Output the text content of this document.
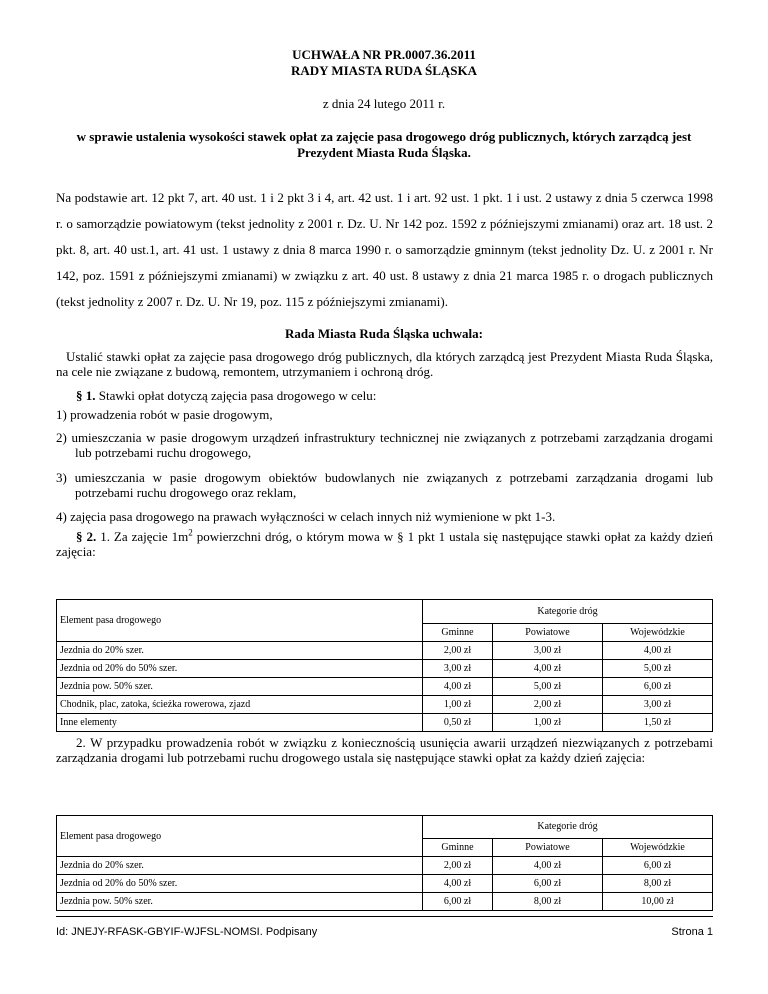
UCHWAŁA NR PR.0007.36.2011
RADY MIASTA RUDA ŚLĄSKA
z dnia 24 lutego 2011 r.
w sprawie ustalenia wysokości stawek opłat za zajęcie pasa drogowego dróg publicznych, których zarządcą jest Prezydent Miasta Ruda Śląska.
Na podstawie art. 12 pkt 7, art. 40 ust. 1 i 2 pkt 3 i 4, art. 42 ust. 1 i art. 92 ust. 1 pkt. 1 i ust. 2 ustawy z dnia 5 czerwca 1998 r. o samorządzie powiatowym (tekst jednolity z 2001 r. Dz. U. Nr 142 poz. 1592 z późniejszymi zmianami) oraz art. 18 ust. 2 pkt. 8, art. 40 ust.1, art. 41 ust. 1 ustawy z dnia 8 marca 1990 r. o samorządzie gminnym (tekst jednolity Dz. U. z 2001 r. Nr 142, poz. 1591 z późniejszymi zmianami) w związku z art. 40 ust. 8 ustawy z dnia 21 marca 1985 r. o drogach publicznych (tekst jednolity z 2007 r. Dz. U. Nr 19, poz. 115 z późniejszymi zmianami).
Rada Miasta Ruda Śląska uchwala:
Ustalić stawki opłat za zajęcie pasa drogowego dróg publicznych, dla których zarządcą jest Prezydent Miasta Ruda Śląska, na cele nie związane z budową, remontem, utrzymaniem i ochroną dróg.
§ 1. Stawki opłat dotyczą zajęcia pasa drogowego w celu:
1) prowadzenia robót w pasie drogowym,
2) umieszczania w pasie drogowym urządzeń infrastruktury technicznej nie związanych z potrzebami zarządzania drogami lub potrzebami ruchu drogowego,
3) umieszczania w pasie drogowym obiektów budowlanych nie związanych z potrzebami zarządzania drogami lub potrzebami ruchu drogowego oraz reklam,
4) zajęcia pasa drogowego na prawach wyłączności w celach innych niż wymienione w pkt 1-3.
§ 2. 1. Za zajęcie $1m^2$ powierzchni dróg, o którym mowa w § 1 pkt 1 ustala się następujące stawki opłat za każdy dzień zajęcia:
Element pasa drogowego	Kategorie dróg		
	Gminne	Powiatowe	Wojewódzkie
Jezdnia do 20% szer.	2,00 zł	3,00 zł	4,00 zł
Jezdnia od 20% do 50% szer.	3,00 zł	4,00 zł	5,00 zł
Jezdnia pow. 50% szer.	4,00 zł	5,00 zł	6,00 zł
Chodnik, plac, zatoka, ścieżka rowerowa, zjazd	1,00 zł	2,00 zł	3,00 zł
Inne elementy	0,50 zł	1,00 zł	1,50 zł
2. W przypadku prowadzenia robót w związku z koniecznością usunięcia awarii urządzeń niezwiązanych z potrzebami zarządzania drogami lub potrzebami ruchu drogowego ustala się następujące stawki opłat za każdy dzień zajęcia:
Element pasa drogowego	Kategorie dróg		
	Gminne	Powiatowe	Wojewódzkie
Jezdnia do 20% szer.	2,00 zł	4,00 zł	6,00 zł
Jezdnia od 20% do 50% szer.	4,00 zł	6,00 zł	8,00 zł
Jezdnia pow. 50% szer.	6,00 zł	8,00 zł	10,00 zł
Id: JNEJY-RFASK-GBYIF-WJFSL-NOMSI. Podpisany	Strona 1
